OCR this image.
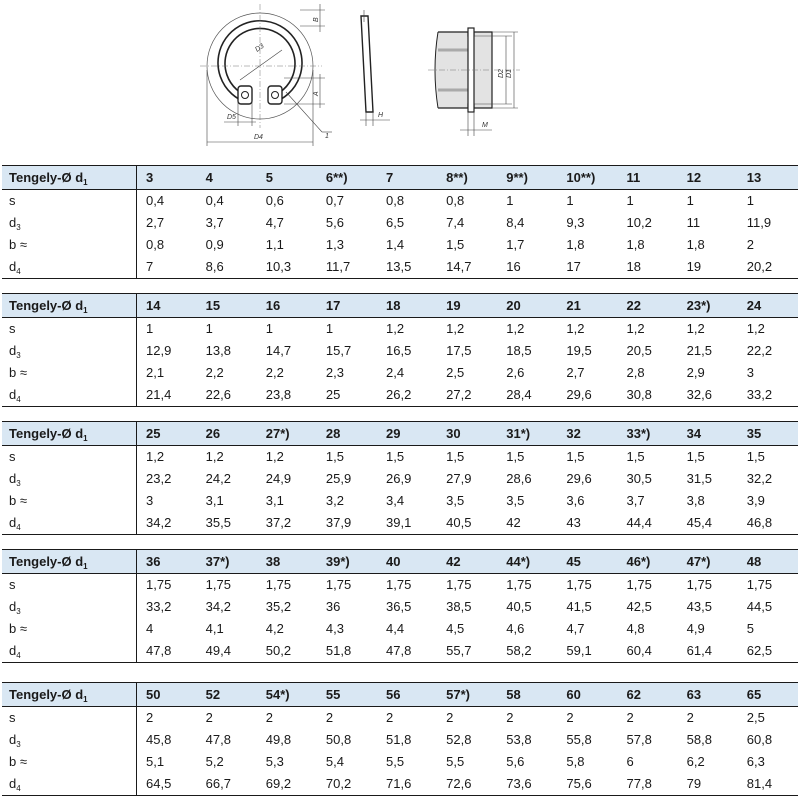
B
D3
A
D5
D4	1
H
D2 D1
M
Tengely-Ø $d_1$	3	4	5	6**)	7	8**)	9**)	10**)	11	12	13
s	0,4	0,4	0,6	0,7	0,8	0,8	1	1	1	1	1
$d_3$	2,7	3,7	4,7	5,6	6,5	7,4	8,4	9,3	10,2	11	11,9
b ≈	0,8	0,9	1,1	1,3	1,4	1,5	1,7	1,8	1,8	1,8	2
$d_4$	7	8,6	10,3	11,7	13,5	14,7	16	17	18	19	20,2
Tengely-Ø $d_1$	14	15	16	17	18	19	20	21	22	23*)	24
s	1	1	1	1	1,2	1,2	1,2	1,2	1,2	1,2	1,2
$d_3$	12,9	13,8	14,7	15,7	16,5	17,5	18,5	19,5	20,5	21,5	22,2
b ≈	2,1	2,2	2,2	2,3	2,4	2,5	2,6	2,7	2,8	2,9	3
$d_4$	21,4	22,6	23,8	25	26,2	27,2	28,4	29,6	30,8	32,6	33,2
Tengely-Ø $d_1$	25	26	27*)	28	29	30	31*)	32	33*)	34	35
s	1,2	1,2	1,2	1,5	1,5	1,5	1,5	1,5	1,5	1,5	1,5
$d_3$	23,2	24,2	24,9	25,9	26,9	27,9	28,6	29,6	30,5	31,5	32,2
b ≈	3	3,1	3,1	3,2	3,4	3,5	3,5	3,6	3,7	3,8	3,9
$d_4$	34,2	35,5	37,2	37,9	39,1	40,5	42	43	44,4	45,4	46,8
Tengely-Ø $d_1$	36	37*)	38	39*)	40	42	44*)	45	46*)	47*)	48
s	1,75	1,75	1,75	1,75	1,75	1,75	1,75	1,75	1,75	1,75	1,75
$d_3$	33,2	34,2	35,2	36	36,5	38,5	40,5	41,5	42,5	43,5	44,5
b ≈	4	4,1	4,2	4,3	4,4	4,5	4,6	4,7	4,8	4,9	5
$d_4$	47,8	49,4	50,2	51,8	47,8	55,7	58,2	59,1	60,4	61,4	62,5
Tengely-Ø $d_1$	50	52	54*)	55	56	57*)	58	60	62	63	65
s	2	2	2	2	2	2	2	2	2	2	2,5
$d_3$	45,8	47,8	49,8	50,8	51,8	52,8	53,8	55,8	57,8	58,8	60,8
b ≈	5,1	5,2	5,3	5,4	5,5	5,5	5,6	5,8	6	6,2	6,3
$d_4$	64,5	66,7	69,2	70,2	71,6	72,6	73,6	75,6	77,8	79	81,4
